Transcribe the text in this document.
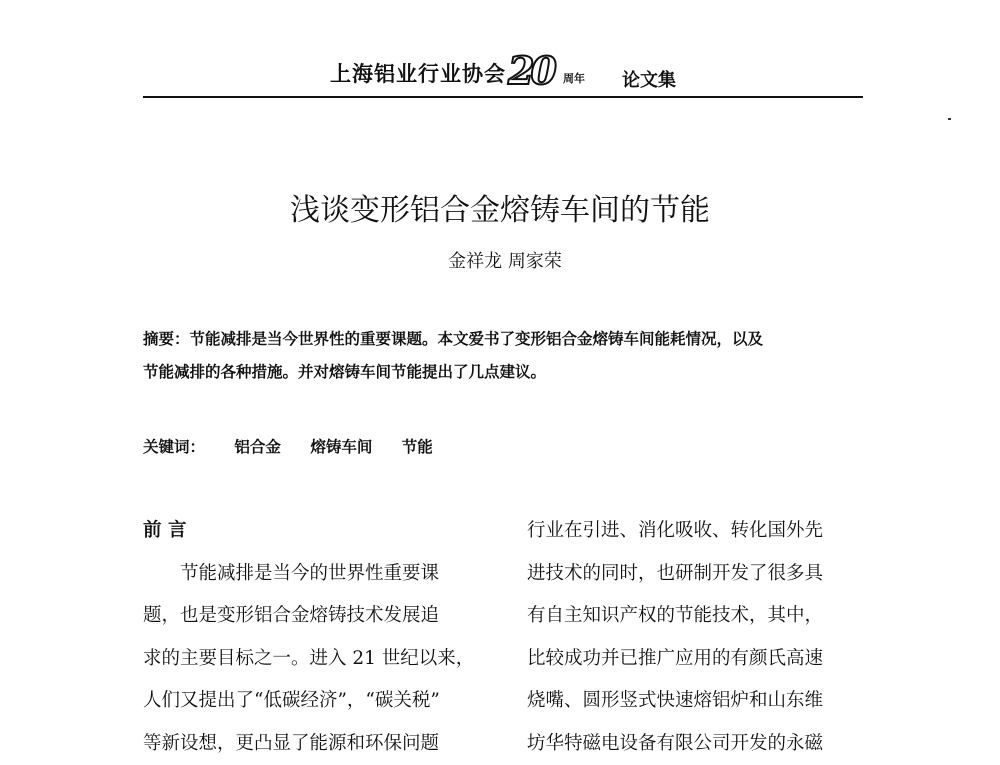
上海铝业行业协会 20 周年 论文集
浅谈变形铝合金熔铸车间的节能
金祥龙 周家荣
摘要：节能减排是当今世界性的重要课题。本文爱书了变形铝合金熔铸车间能耗情况，以及
节能减排的各种措施。并对熔铸车间节能提出了几点建议。
关键词： 铝合金 熔铸车间 节能
前 言
节能减排是当今的世界性重要课
题，也是变形铝合金熔铸技术发展追
求的主要目标之一。进入 21 世纪以来，
人们又提出了“低碳经济”，“碳关税”
等新设想，更凸显了能源和环保问题
行业在引进、消化吸收、转化国外先
进技术的同时，也研制开发了很多具
有自主知识产权的节能技术，其中，
比较成功并已推广应用的有颜氏高速
烧嘴、圆形竖式快速熔铝炉和山东维
坊华特磁电设备有限公司开发的永磁
